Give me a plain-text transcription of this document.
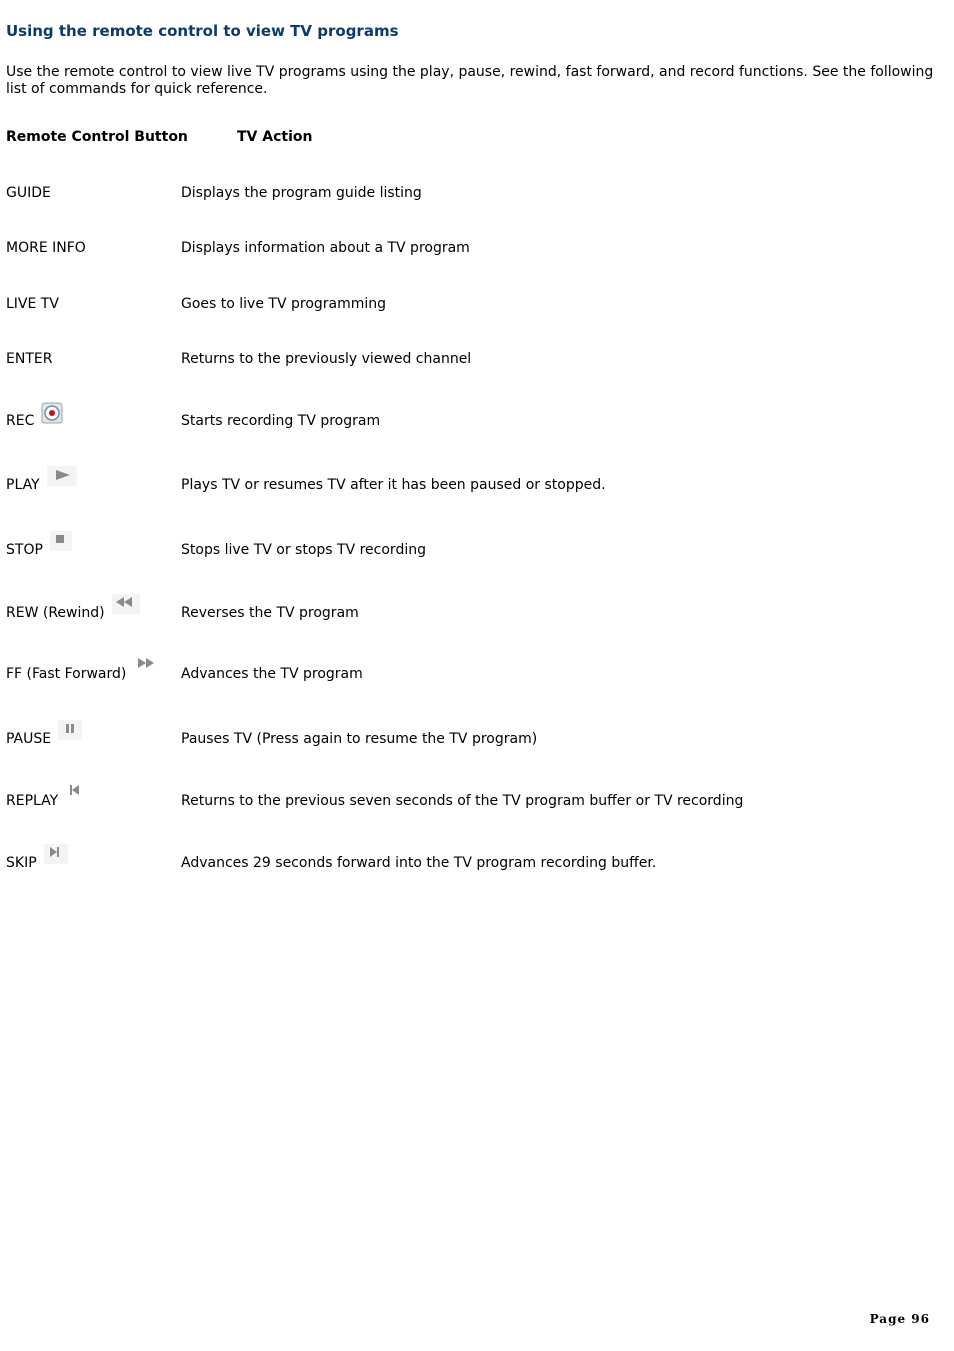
Using the remote control to view TV programs
Use the remote control to view live TV programs using the play, pause, rewind, fast forward, and record functions. See the following list of commands for quick reference.
Remote Control Button	TV Action
GUIDE	Displays the program guide listing
MORE INFO	Displays information about a TV program
LIVE TV	Goes to live TV programming
ENTER	Returns to the previously viewed channel
REC	Starts recording TV program
PLAY	Plays TV or resumes TV after it has been paused or stopped.
STOP	Stops live TV or stops TV recording
REW (Rewind)	Reverses the TV program
FF (Fast Forward)	Advances the TV program
PAUSE	Pauses TV (Press again to resume the TV program)
REPLAY	Returns to the previous seven seconds of the TV program buffer or TV recording
SKIP	Advances 29 seconds forward into the TV program recording buffer.
Page 96
